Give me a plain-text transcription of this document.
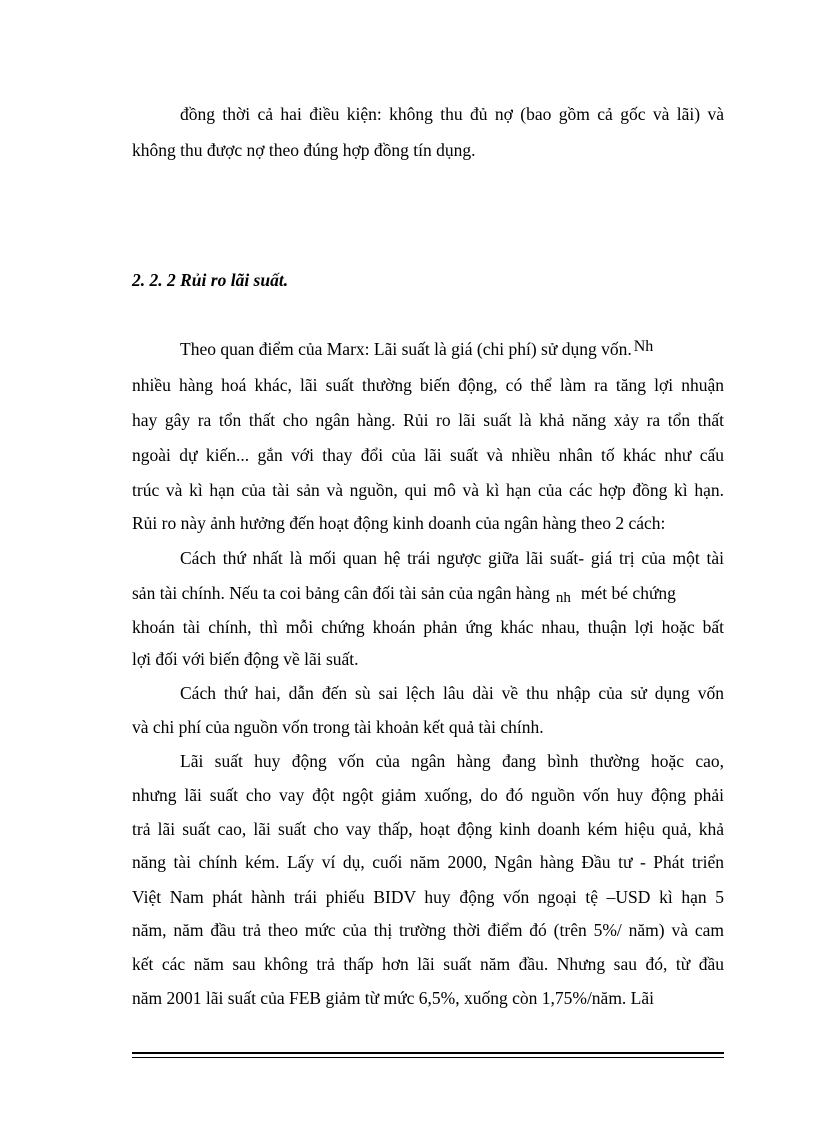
đồng thời cả hai điều kiện: không thu đủ nợ (bao gồm cả gốc và lãi) và
không thu được nợ theo đúng hợp đồng tín dụng.
2. 2. 2 Rủi ro lãi suất.
Theo quan điểm của Marx: Lãi suất là giá (chi phí) sử dụng vốn. Nh
nhiều hàng hoá khác, lãi suất thường biến động, có thể làm ra tăng lợi nhuận
hay gây ra tổn thất cho ngân hàng. Rủi ro lãi suất là khả năng xảy ra tổn thất
ngoài dự kiến... gắn với thay đổi của lãi suất và nhiều nhân tố khác như cấu
trúc và kì hạn của tài sản và nguồn, qui mô và kì hạn của các hợp đồng kì hạn.
Rủi ro này ảnh hưởng đến hoạt động kinh doanh của ngân hàng theo 2 cách:
Cách thứ nhất là mối quan hệ trái ngược giữa lãi suất- giá trị của một tài
sản tài chính. Nếu ta coi bảng cân đối tài sản của ngân hàng nh mét bé chứng
khoán tài chính, thì mỗi chứng khoán phản ứng khác nhau, thuận lợi hoặc bất
lợi đối với biến động về lãi suất.
Cách thứ hai, dẫn đến sù sai lệch lâu dài về thu nhập của sử dụng vốn
và chi phí của nguồn vốn trong tài khoản kết quả tài chính.
Lãi suất huy động vốn của ngân hàng đang bình thường hoặc cao,
nhưng lãi suất cho vay đột ngột giảm xuống, do đó nguồn vốn huy động phải
trả lãi suất cao, lãi suất cho vay thấp, hoạt động kinh doanh kém hiệu quả, khả
năng tài chính kém. Lấy ví dụ, cuối năm 2000, Ngân hàng Đầu tư - Phát triển
Việt Nam phát hành trái phiếu BIDV huy động vốn ngoại tệ –USD kì hạn 5
năm, năm đầu trả theo mức của thị trường thời điểm đó (trên 5%/ năm) và cam
kết các năm sau không trả thấp hơn lãi suất năm đầu. Nhưng sau đó, từ đầu
năm 2001 lãi suất của FEB giảm từ mức 6,5%, xuống còn 1,75%/năm. Lãi
